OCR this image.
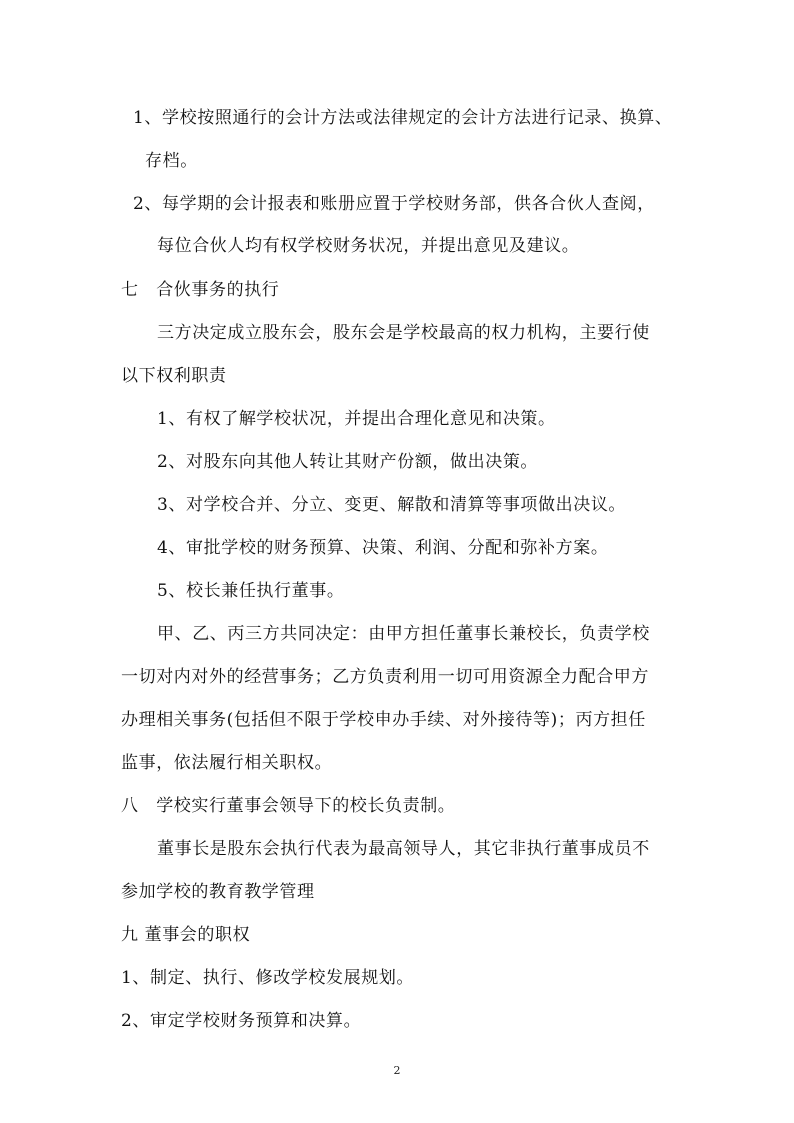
1、学校按照通行的会计方法或法律规定的会计方法进行记录、换算、
存档。
2、每学期的会计报表和账册应置于学校财务部，供各合伙人查阅，
每位合伙人均有权学校财务状况，并提出意见及建议。
七　合伙事务的执行
三方决定成立股东会，股东会是学校最高的权力机构，主要行使
以下权利职责
1、有权了解学校状况，并提出合理化意见和决策。
2、对股东向其他人转让其财产份额，做出决策。
3、对学校合并、分立、变更、解散和清算等事项做出决议。
4、审批学校的财务预算、决策、利润、分配和弥补方案。
5、校长兼任执行董事。
甲、乙、丙三方共同决定：由甲方担任董事长兼校长，负责学校
一切对内对外的经营事务；乙方负责利用一切可用资源全力配合甲方
办理相关事务(包括但不限于学校申办手续、对外接待等)；丙方担任
监事，依法履行相关职权。
八　学校实行董事会领导下的校长负责制。
董事长是股东会执行代表为最高领导人，其它非执行董事成员不
参加学校的教育教学管理
九 董事会的职权
1、制定、执行、修改学校发展规划。
2、审定学校财务预算和决算。
2
